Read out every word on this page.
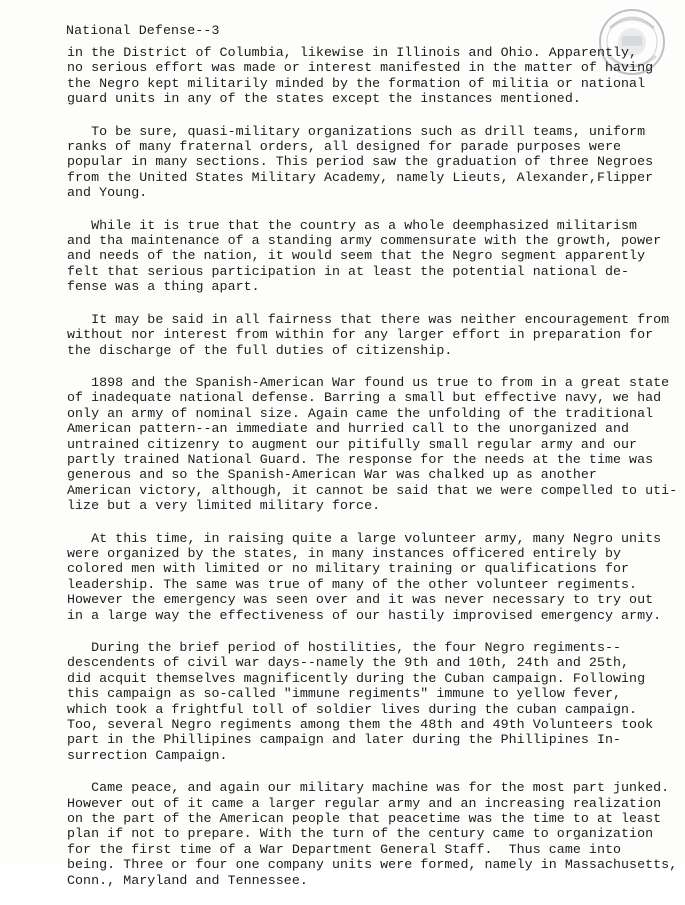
National Defense--3
in the District of Columbia, likewise in Illinois and Ohio. Apparently,
no serious effort was made or interest manifested in the matter of having
the Negro kept militarily minded by the formation of militia or national
guard units in any of the states except the instances mentioned.
To be sure, quasi-military organizations such as drill teams, uniform
ranks of many fraternal orders, all designed for parade purposes were
popular in many sections. This period saw the graduation of three Negroes
from the United States Military Academy, namely Lieuts, Alexander,Flipper
and Young.
While it is true that the country as a whole deemphasized militarism
and tha maintenance of a standing army commensurate with the growth, power
and needs of the nation, it would seem that the Negro segment apparently
felt that serious participation in at least the potential national de-
fense was a thing apart.
It may be said in all fairness that there was neither encouragement from
without nor interest from within for any larger effort in preparation for
the discharge of the full duties of citizenship.
1898 and the Spanish-American War found us true to from in a great state
of inadequate national defense. Barring a small but effective navy, we had
only an army of nominal size. Again came the unfolding of the traditional
American pattern--an immediate and hurried call to the unorganized and
untrained citizenry to augment our pitifully small regular army and our
partly trained National Guard. The response for the needs at the time was
generous and so the Spanish-American War was chalked up as another
American victory, although, it cannot be said that we were compelled to uti-
lize but a very limited military force.
At this time, in raising quite a large volunteer army, many Negro units
were organized by the states, in many instances officered entirely by
colored men with limited or no military training or qualifications for
leadership. The same was true of many of the other volunteer regiments.
However the emergency was seen over and it was never necessary to try out
in a large way the effectiveness of our hastily improvised emergency army.
During the brief period of hostilities, the four Negro regiments--
descendents of civil war days--namely the 9th and 10th, 24th and 25th,
did acquit themselves magnificently during the Cuban campaign. Following
this campaign as so-called "immune regiments" immune to yellow fever,
which took a frightful toll of soldier lives during the cuban campaign.
Too, several Negro regiments among them the 48th and 49th Volunteers took
part in the Phillipines campaign and later during the Phillipines In-
surrection Campaign.
Came peace, and again our military machine was for the most part junked.
However out of it came a larger regular army and an increasing realization
on the part of the American people that peacetime was the time to at least
plan if not to prepare. With the turn of the century came to organization
for the first time of a War Department General Staff.  Thus came into
being. Three or four one company units were formed, namely in Massachusetts,
Conn., Maryland and Tennessee.
